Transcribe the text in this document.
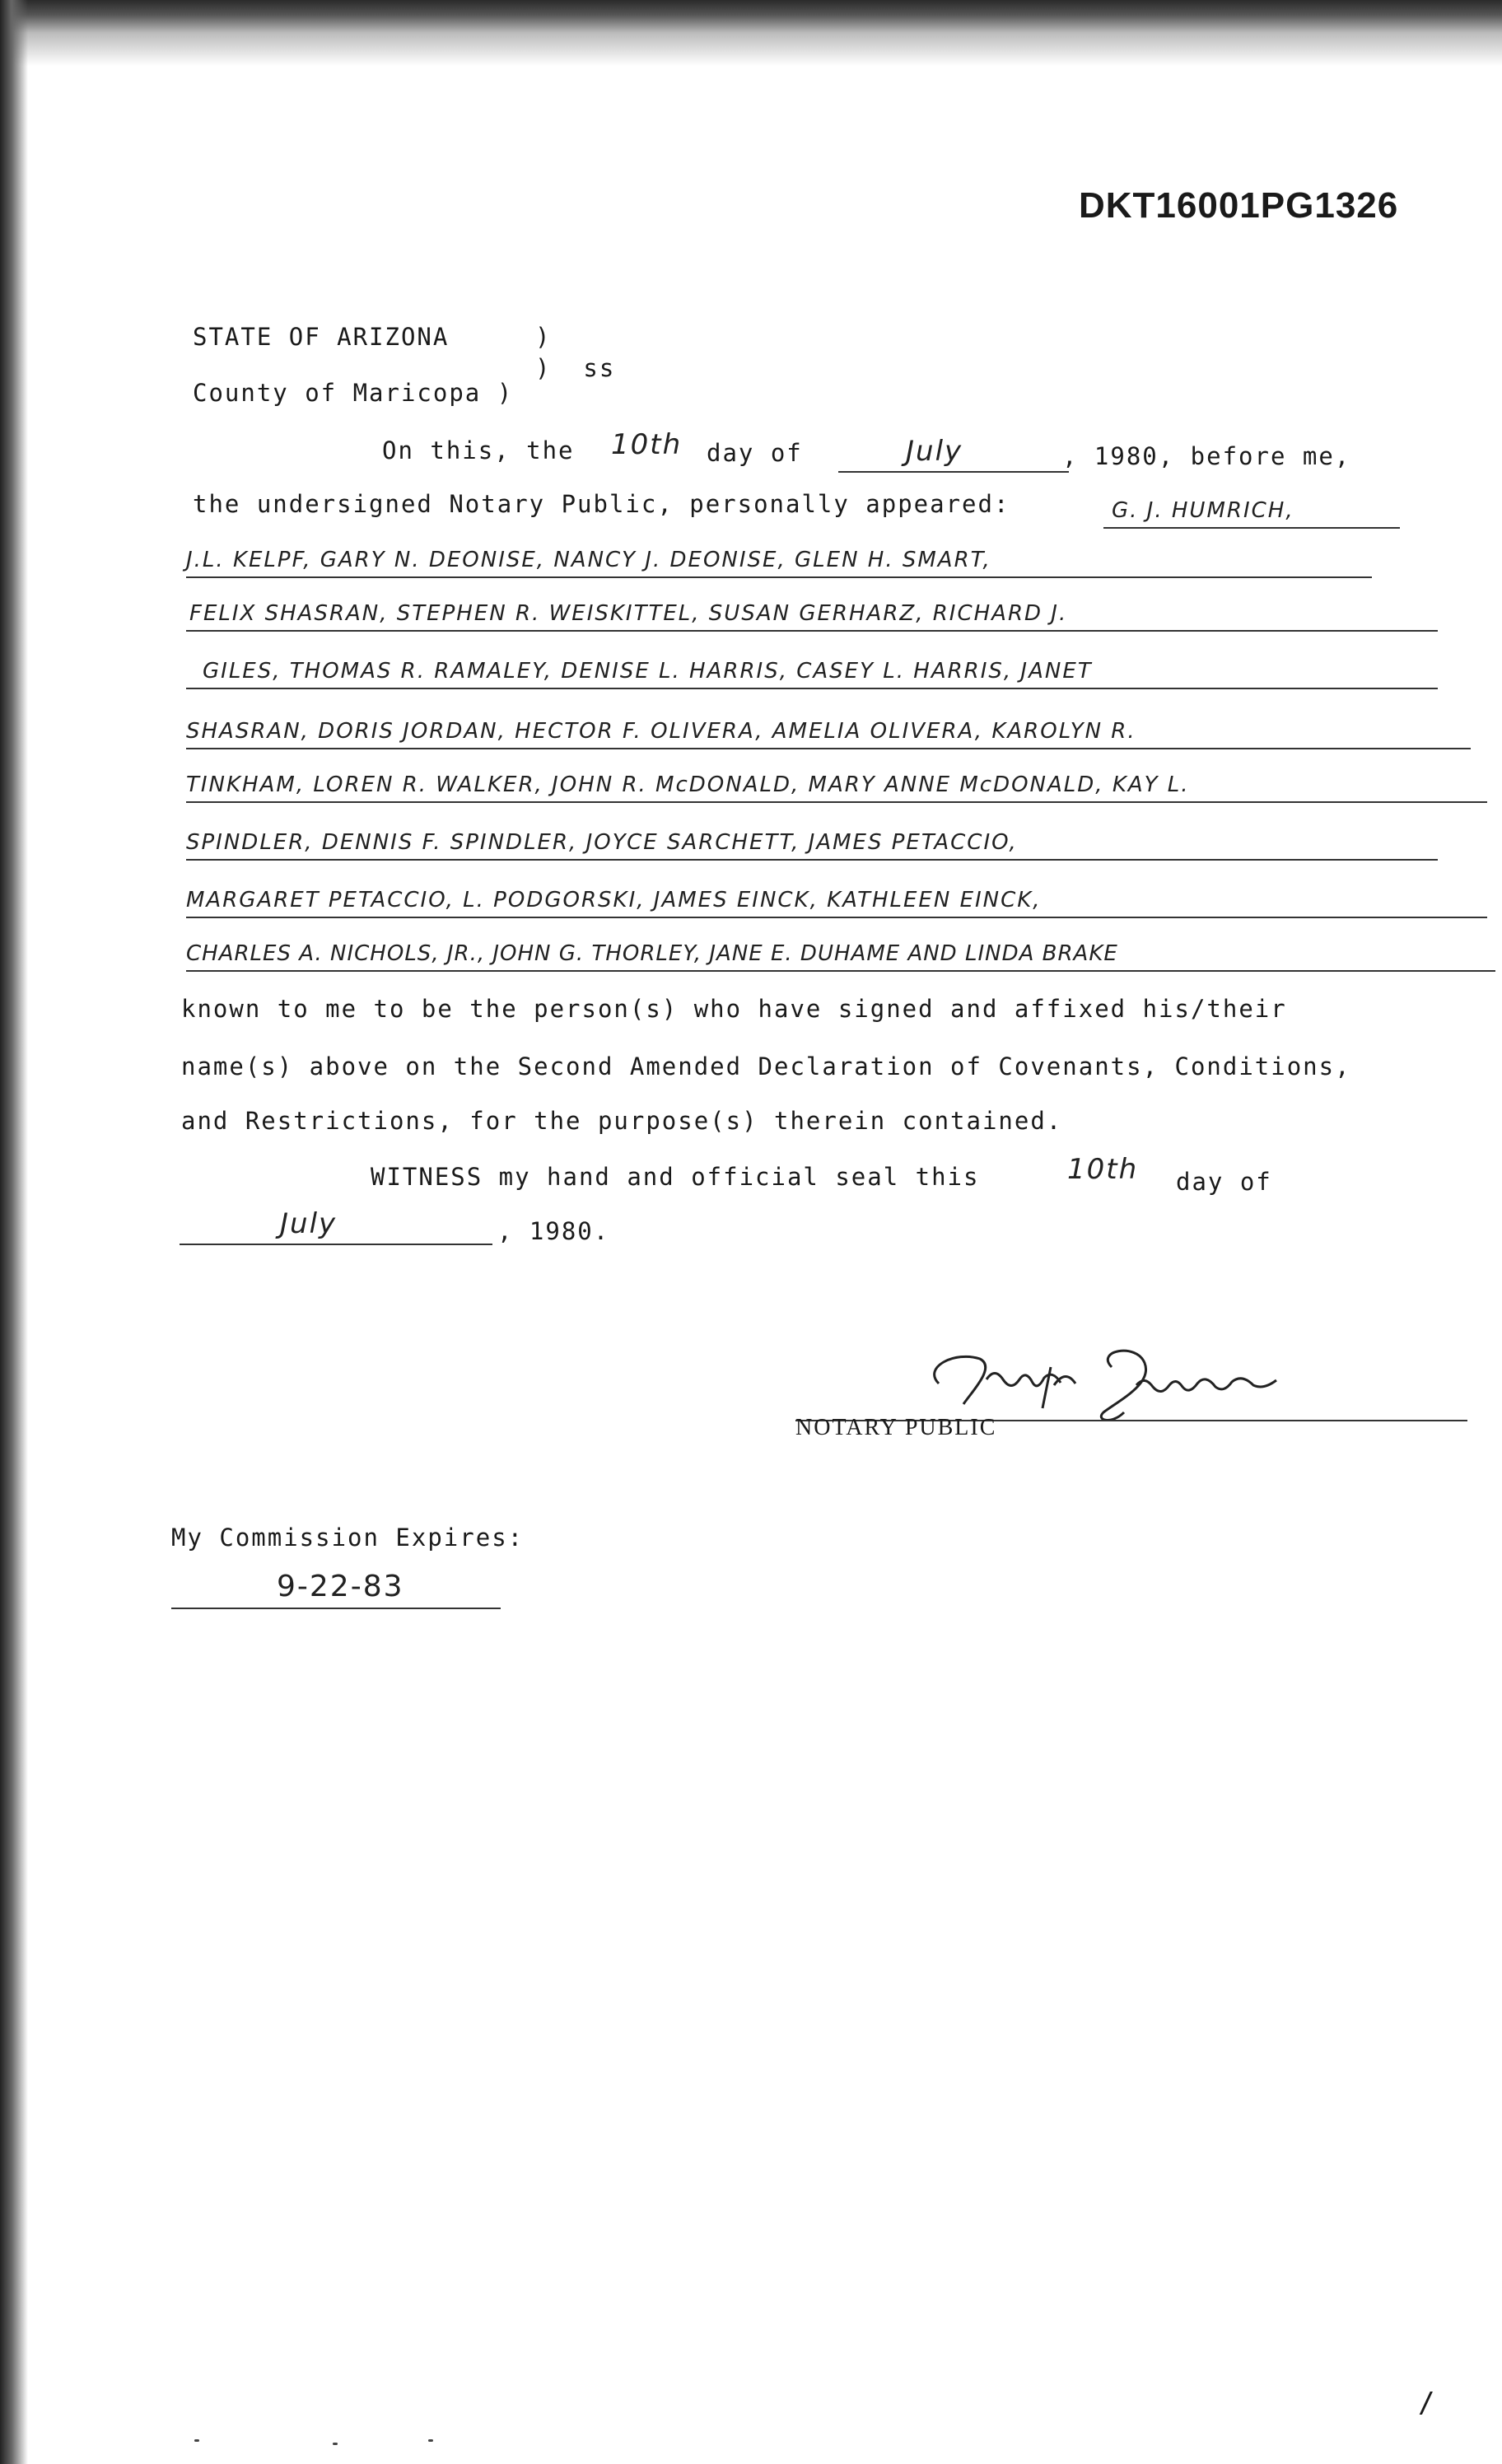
DKT16001PG1326
STATE OF ARIZONA	)
)  ss
County of Maricopa )
On this, the 10th day of	July	, 1980, before me,
the undersigned Notary Public, personally appeared:	G. J. HUMRICH,
J.L. KELPF, GARY N. DEONISE, NANCY J. DEONISE, GLEN H. SMART,
FELIX SHASRAN, STEPHEN R. WEISKITTEL, SUSAN GERHARZ, RICHARD J.
GILES, THOMAS R. RAMALEY, DENISE L. HARRIS, CASEY L. HARRIS, JANET
SHASRAN, DORIS JORDAN, HECTOR F. OLIVERA, AMELIA OLIVERA, KAROLYN R.
TINKHAM, LOREN R. WALKER, JOHN R. McDONALD, MARY ANNE McDONALD, KAY L.
SPINDLER, DENNIS F. SPINDLER, JOYCE SARCHETT, JAMES PETACCIO,
MARGARET PETACCIO, L. PODGORSKI, JAMES EINCK, KATHLEEN EINCK,
CHARLES A. NICHOLS, JR., JOHN G. THORLEY, JANE E. DUHAME AND LINDA BRAKE
known to me to be the person(s) who have signed and affixed his/their
name(s) above on the Second Amended Declaration of Covenants, Conditions,
and Restrictions, for the purpose(s) therein contained.
WITNESS my hand and official seal this	10th day of
July	, 1980.
NOTARY PUBLIC
My Commission Expires:
9-22-83
/
